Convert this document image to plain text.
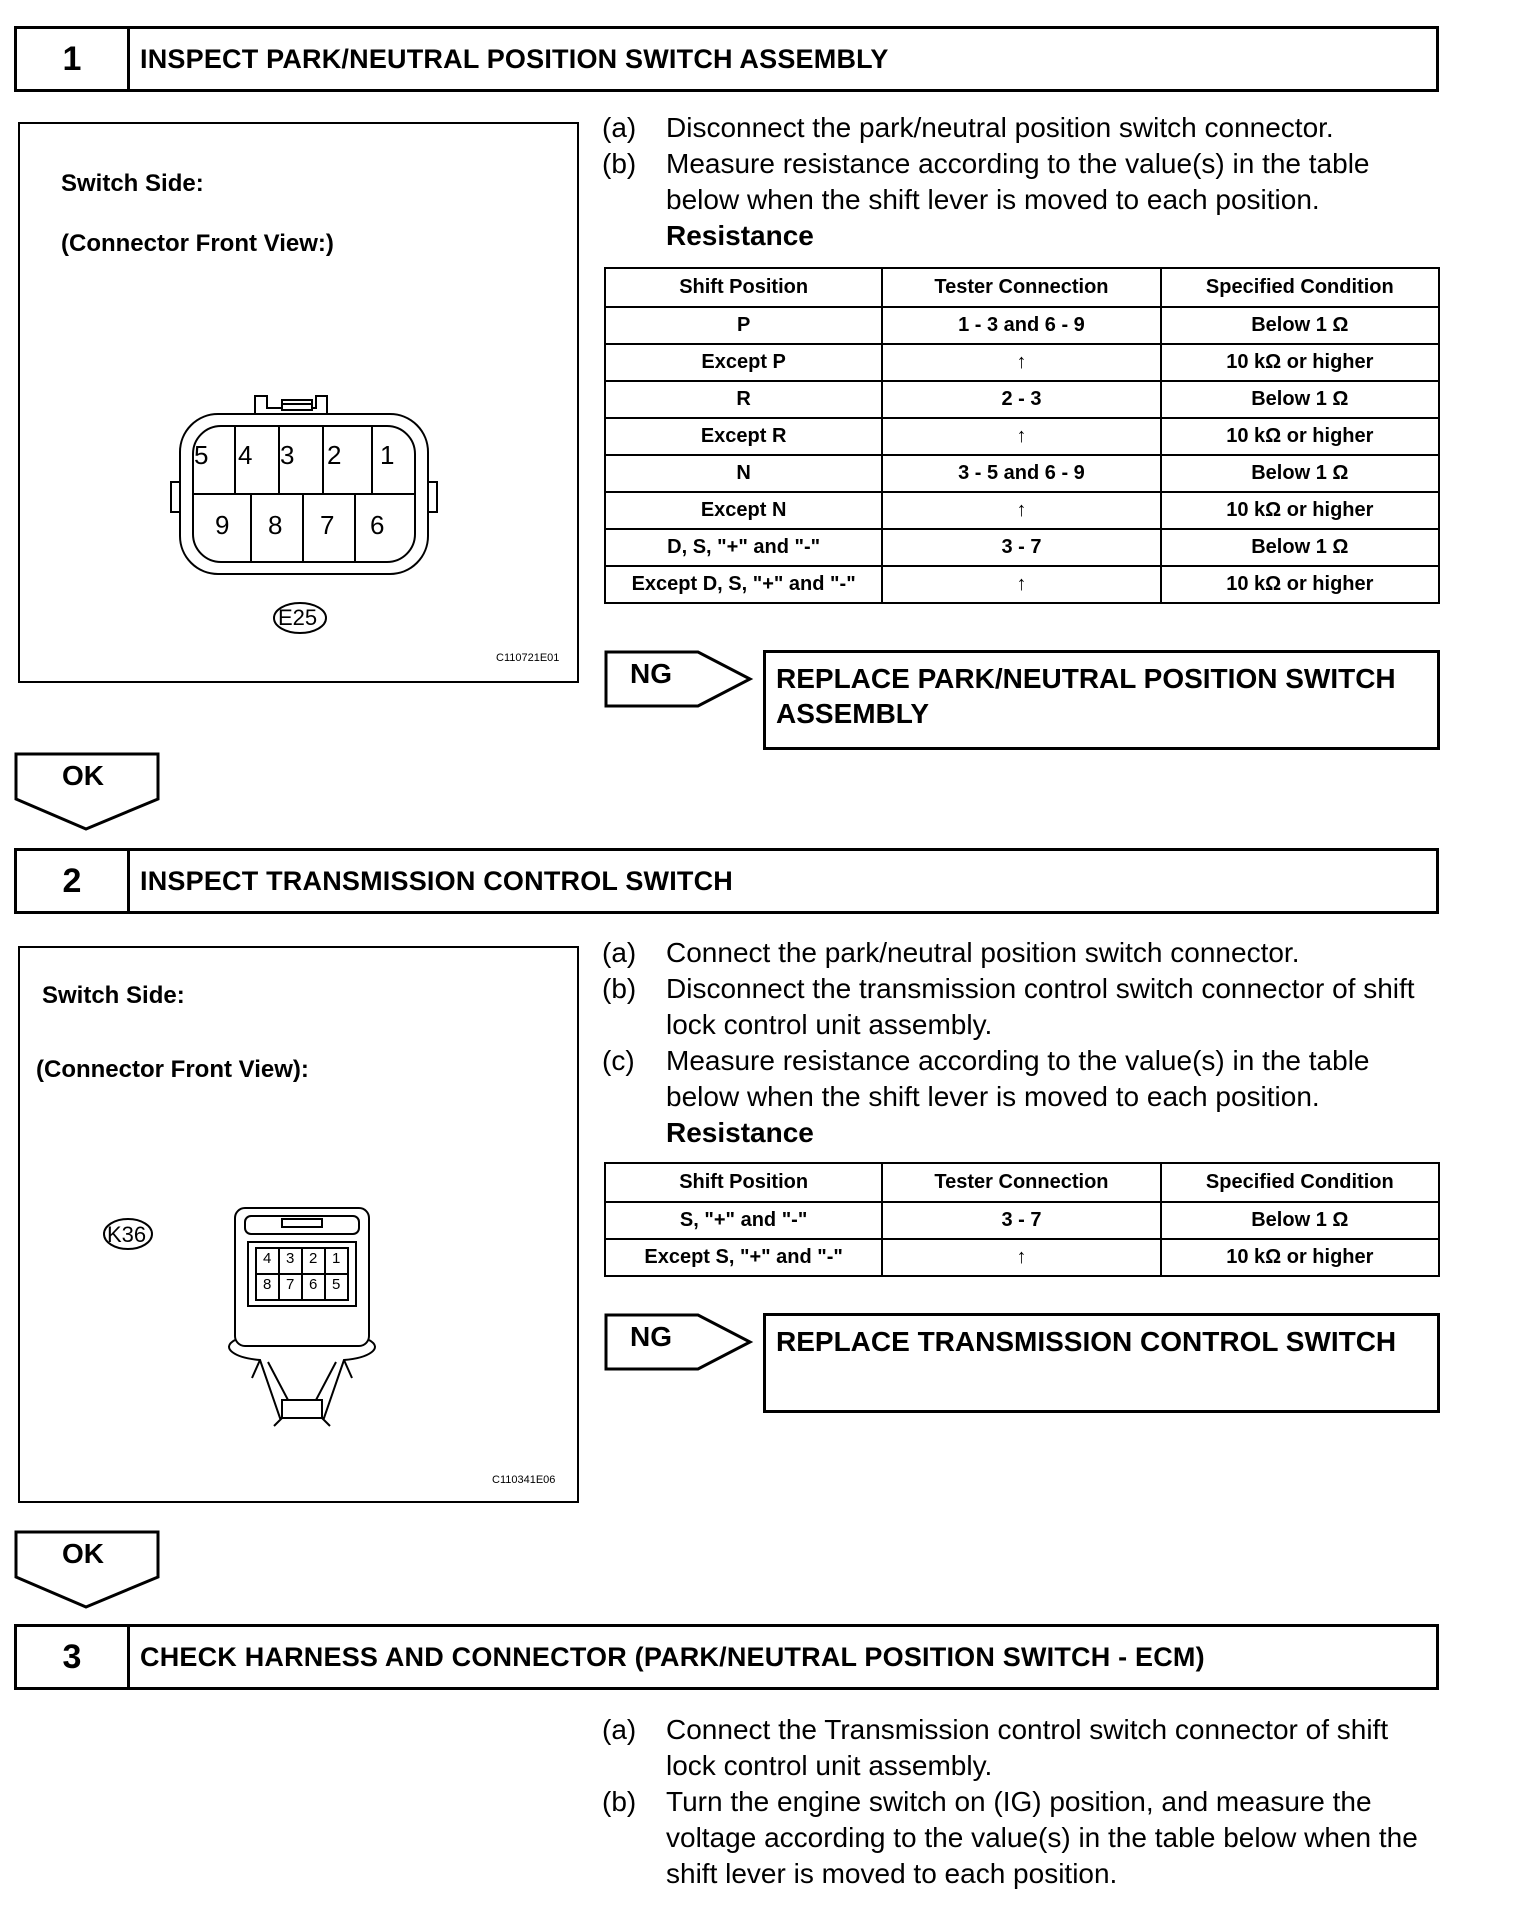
1	INSPECT PARK/NEUTRAL POSITION SWITCH ASSEMBLY
Switch Side:
(Connector Front View:)
5 4 3 2 1
9 8 7 6
E25
C110721E01
(a)	Disconnect the park/neutral position switch connector.
(b)	Measure resistance according to the value(s) in the table below when the shift lever is moved to each position.
Resistance
Shift Position	Tester Connection	Specified Condition
P	1 - 3 and 6 - 9	Below 1 Ω
Except P	↑	10 kΩ or higher
R	2 - 3	Below 1 Ω
Except R	↑	10 kΩ or higher
N	3 - 5 and 6 - 9	Below 1 Ω
Except N	↑	10 kΩ or higher
D, S, "+" and "-"	3 - 7	Below 1 Ω
Except D, S, "+" and "-"	↑	10 kΩ or higher
NG	REPLACE PARK/NEUTRAL POSITION SWITCH ASSEMBLY
OK
2	INSPECT TRANSMISSION CONTROL SWITCH
Switch Side:
(Connector Front View):
K36
4 3 2 1
8 7 6 5
C110341E06
(a)	Connect the park/neutral position switch connector.
(b)	Disconnect the transmission control switch connector of shift lock control unit assembly.
(c)	Measure resistance according to the value(s) in the table below when the shift lever is moved to each position.
Resistance
Shift Position	Tester Connection	Specified Condition
S, "+" and "-"	3 - 7	Below 1 Ω
Except S, "+" and "-"	↑	10 kΩ or higher
NG	REPLACE TRANSMISSION CONTROL SWITCH
OK
3	CHECK HARNESS AND CONNECTOR (PARK/NEUTRAL POSITION SWITCH - ECM)
(a)	Connect the Transmission control switch connector of shift lock control unit assembly.
(b)	Turn the engine switch on (IG) position, and measure the voltage according to the value(s) in the table below when the shift lever is moved to each position.
